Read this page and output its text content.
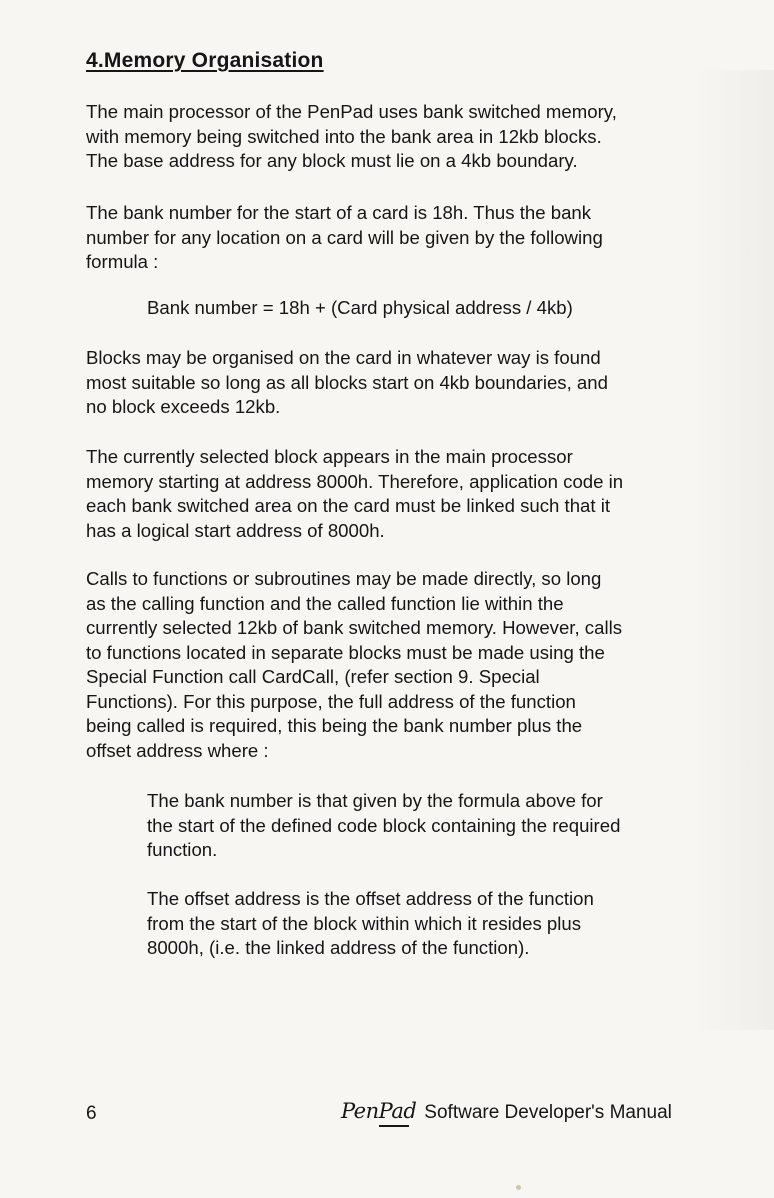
4.Memory Organisation

The main processor of the PenPad uses bank switched memory,
with memory being switched into the bank area in 12kb blocks.
The base address for any block must lie on a 4kb boundary.

The bank number for the start of a card is 18h. Thus the bank
number for any location on a card will be given by the following
formula :

Bank number = 18h + (Card physical address / 4kb)

Blocks may be organised on the card in whatever way is found
most suitable so long as all blocks start on 4kb boundaries, and
no block exceeds 12kb.

The currently selected block appears in the main processor
memory starting at address 8000h. Therefore, application code in
each bank switched area on the card must be linked such that it
has a logical start address of 8000h.

Calls to functions or subroutines may be made directly, so long
as the calling function and the called function lie within the
currently selected 12kb of bank switched memory. However, calls
to functions located in separate blocks must be made using the
Special Function call CardCall, (refer section 9. Special
Functions). For this purpose, the full address of the function
being called is required, this being the bank number plus the
offset address where :

The bank number is that given by the formula above for
the start of the defined code block containing the required
function.

The offset address is the offset address of the function
from the start of the block within which it resides plus
8000h, (i.e. the linked address of the function).

6	PenPad Software Developer's Manual
